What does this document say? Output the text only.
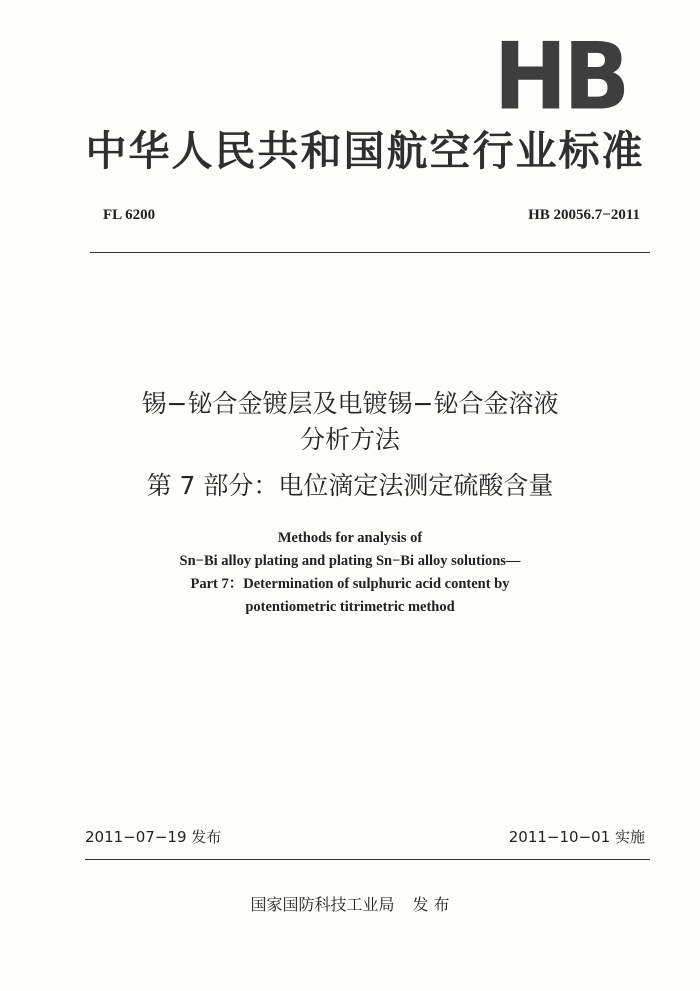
HB
中华人民共和国航空行业标准
FL 6200	HB 20056.7−2011
锡−铋合金镀层及电镀锡−铋合金溶液
分析方法
第 7 部分：电位滴定法测定硫酸含量
Methods for analysis of
Sn−Bi alloy plating and plating Sn−Bi alloy solutions—
Part 7：Determination of sulphuric acid content by
potentiometric titrimetric method
2011−07−19 发布	2011−10−01 实施
国家国防科技工业局 发 布
